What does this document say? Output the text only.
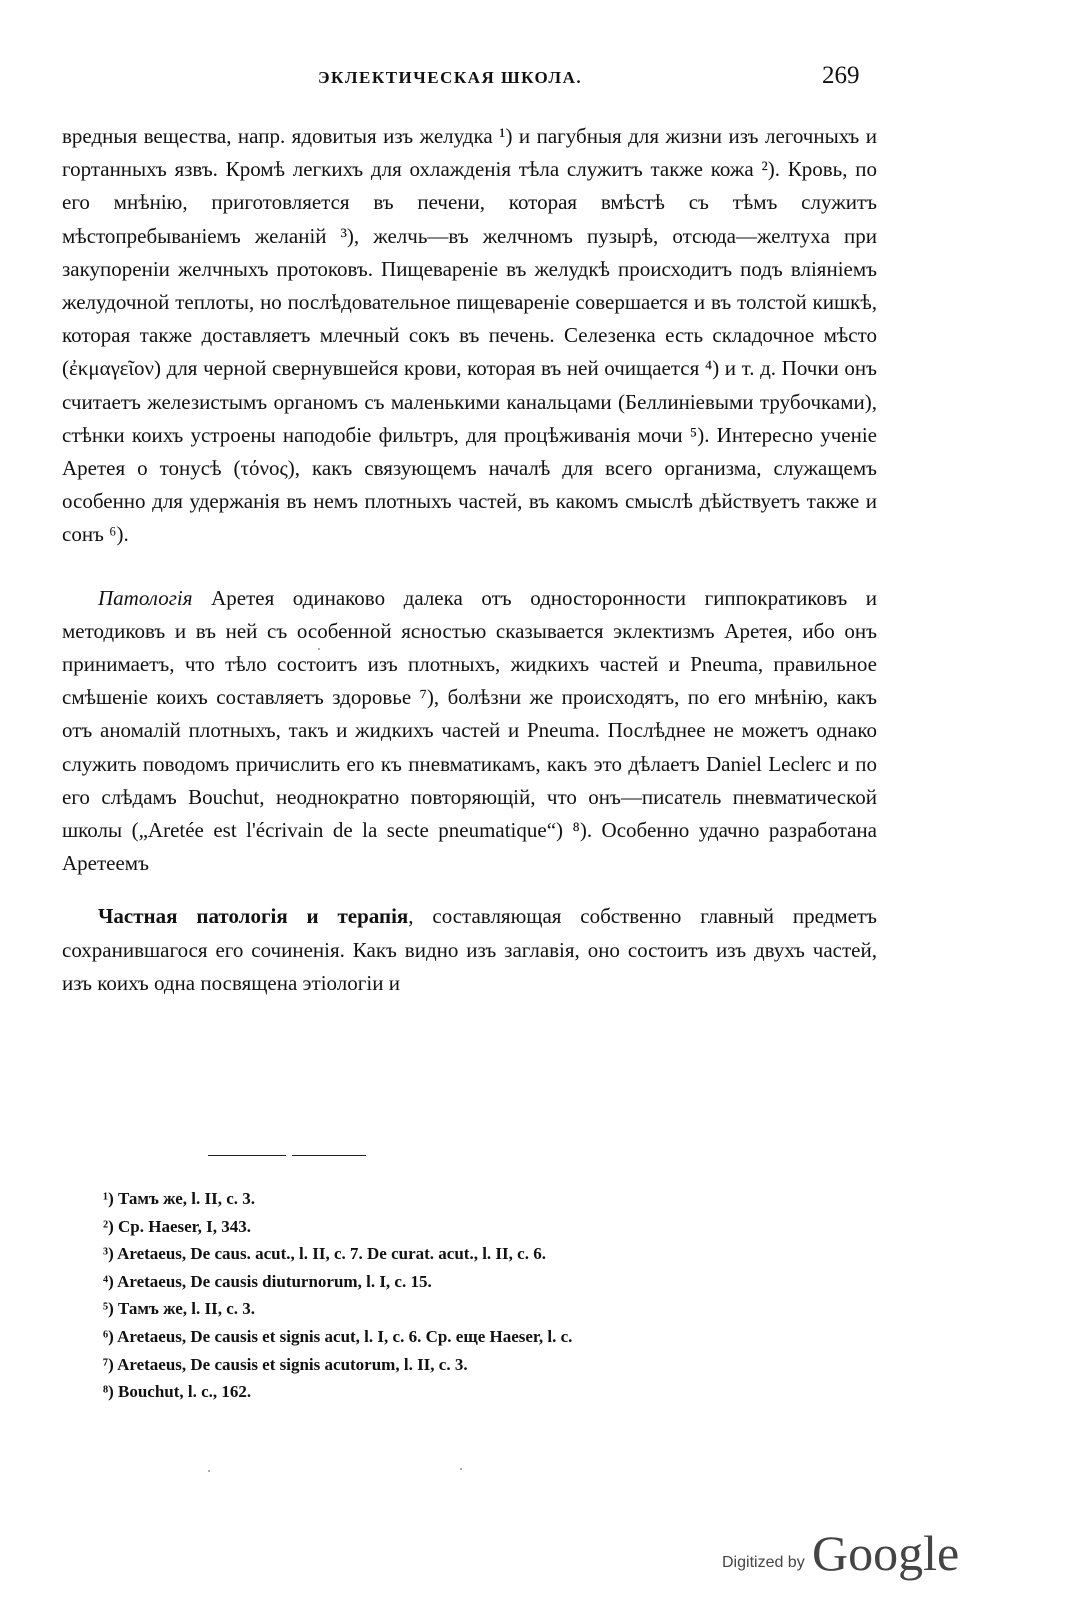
ЭКЛЕКТИЧЕСКАЯ ШКОЛА.	269

вредныя вещества, напр. ядовитыя изъ желудка ¹) и пагубныя для жизни изъ легочныхъ и гортанныхъ язвъ. Кромѣ легкихъ для охлажденія тѣла служитъ также кожа ²). Кровь, по его мнѣнію, приготовляется въ печени, которая вмѣстѣ съ тѣмъ служитъ мѣстопребываніемъ желаній ³), желчь—въ желчномъ пузырѣ, отсюда—желтуха при закупореніи желчныхъ протоковъ. Пищевареніе въ желудкѣ происходитъ подъ вліяніемъ желудочной теплоты, но послѣдовательное пищевареніе совершается и въ толстой кишкѣ, которая также доставляетъ млечный сокъ въ печень. Селезенка есть складочное мѣсто (ἐκμαγεῖον) для черной свернувшейся крови, которая въ ней очищается ⁴) и т. д. Почки онъ считаетъ железистымъ органомъ съ маленькими канальцами (Беллиніевыми трубочками), стѣнки коихъ устроены наподобіе фильтръ, для процѣживанія мочи ⁵). Интересно ученіе Аретея о тонусѣ (τόνος), какъ связующемъ началѣ для всего организма, служащемъ особенно для удержанія въ немъ плотныхъ частей, въ какомъ смыслѣ дѣйствуетъ также и сонъ ⁶).

Патологія Аретея одинаково далека отъ односторонности гиппократиковъ и методиковъ и въ ней съ особенной ясностью сказывается эклектизмъ Аретея, ибо онъ принимаетъ, что тѣло состоитъ изъ плотныхъ, жидкихъ частей и Pneuma, правильное смѣшеніе коихъ составляетъ здоровье ⁷), болѣзни же происходятъ, по его мнѣнію, какъ отъ аномалій плотныхъ, такъ и жидкихъ частей и Pneuma. Послѣднее не можетъ однако служить поводомъ причислить его къ пневматикамъ, какъ это дѣлаетъ Daniel Leclerc и по его слѣдамъ Bouchut, неоднократно повторяющій, что онъ—писатель пневматической школы („Aretée est l'écrivain de la secte pneumatique“) ⁸). Особенно удачно разработана Аретеемъ

Частная патологія и терапія, составляющая собственно главный предметъ сохранившагося его сочиненія. Какъ видно изъ заглавія, оно состоитъ изъ двухъ частей, изъ коихъ одна посвящена этіологіи и

¹) Тамъ же, l. II, c. 3.
²) Ср. Haeser, I, 343.
³) Aretaeus, De caus. acut., l. II, c. 7. De curat. acut., l. II, c. 6.
⁴) Aretaeus, De causis diuturnorum, l. I, c. 15.
⁵) Тамъ же, l. II, c. 3.
⁶) Aretaeus, De causis et signis acut, l. I, c. 6. Ср. еще Haeser, l. c.
⁷) Aretaeus, De causis et signis acutorum, l. II, c. 3.
⁸) Bouchut, l. c., 162.
Digitized by Google
